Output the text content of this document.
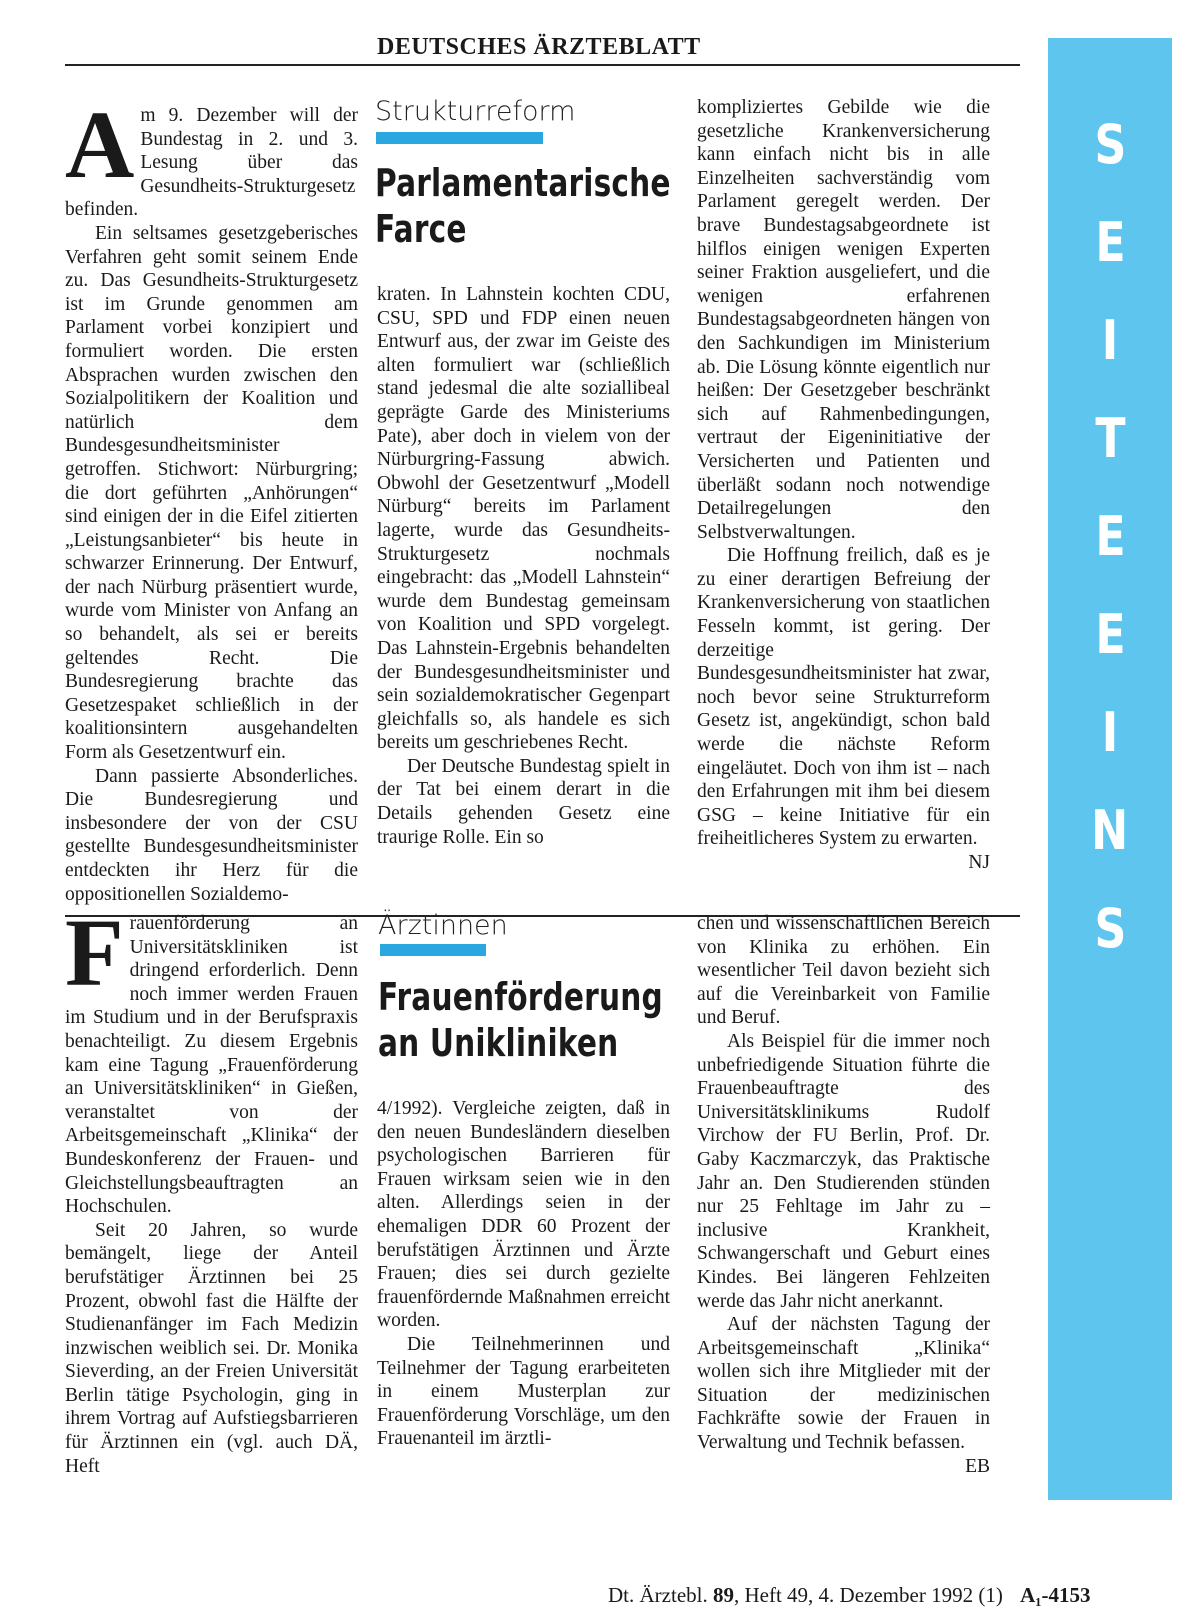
DEUTSCHES ÄRZTEBLATT
S
E
I
T
E
E
I
N
S

Am 9. Dezember will der Bundestag in 2. und 3. Lesung über das Gesundheits-Strukturgesetz befinden.

Ein seltsames gesetzgeberisches Verfahren geht somit seinem Ende zu. Das Gesundheits-Strukturgesetz ist im Grunde genommen am Parlament vorbei konzipiert und formuliert worden. Die ersten Absprachen wurden zwischen den Sozialpolitikern der Koalition und natürlich dem Bundesgesundheitsminister getroffen. Stichwort: Nürburgring; die dort geführten „Anhörungen“ sind einigen der in die Eifel zitierten „Leistungsanbieter“ bis heute in schwarzer Erinnerung. Der Entwurf, der nach Nürburg präsentiert wurde, wurde vom Minister von Anfang an so behandelt, als sei er bereits geltendes Recht. Die Bundesregierung brachte das Gesetzespaket schließlich in der koalitionsintern ausgehandelten Form als Gesetzentwurf ein.

Dann passierte Absonderliches. Die Bundesregierung und insbesondere der von der CSU gestellte Bundesgesundheitsminister entdeckten ihr Herz für die oppositionellen Sozialdemo-

Strukturreform
Parlamentarische Farce

kraten. In Lahnstein kochten CDU, CSU, SPD und FDP einen neuen Entwurf aus, der zwar im Geiste des alten formuliert war (schließlich stand jedesmal die alte soziallibeal geprägte Garde des Ministeriums Pate), aber doch in vielem von der Nürburgring-Fassung abwich. Obwohl der Gesetzentwurf „Modell Nürburg“ bereits im Parlament lagerte, wurde das Gesundheits-Strukturgesetz nochmals eingebracht: das „Modell Lahnstein“ wurde dem Bundestag gemeinsam von Koalition und SPD vorgelegt. Das Lahnstein-Ergebnis behandelten der Bundesgesundheitsminister und sein sozialdemokratischer Gegenpart gleichfalls so, als handele es sich bereits um geschriebenes Recht.

Der Deutsche Bundestag spielt in der Tat bei einem derart in die Details gehenden Gesetz eine traurige Rolle. Ein so

kompliziertes Gebilde wie die gesetzliche Krankenversicherung kann einfach nicht bis in alle Einzelheiten sachverständig vom Parlament geregelt werden. Der brave Bundestagsabgeordnete ist hilflos einigen wenigen Experten seiner Fraktion ausgeliefert, und die wenigen erfahrenen Bundestagsabgeordneten hängen von den Sachkundigen im Ministerium ab. Die Lösung könnte eigentlich nur heißen: Der Gesetzgeber beschränkt sich auf Rahmenbedingungen, vertraut der Eigeninitiative der Versicherten und Patienten und überläßt sodann noch notwendige Detailregelungen den Selbstverwaltungen.

Die Hoffnung freilich, daß es je zu einer derartigen Befreiung der Krankenversicherung von staatlichen Fesseln kommt, ist gering. Der derzeitige Bundesgesundheitsminister hat zwar, noch bevor seine Strukturreform Gesetz ist, angekündigt, schon bald werde die nächste Reform eingeläutet. Doch von ihm ist – nach den Erfahrungen mit ihm bei diesem GSG – keine Initiative für ein freiheitlicheres System zu erwarten.
NJ

Frauenförderung an Universitätskliniken ist dringend erforderlich. Denn noch immer werden Frauen im Studium und in der Berufspraxis benachteiligt. Zu diesem Ergebnis kam eine Tagung „Frauenförderung an Universitätskliniken“ in Gießen, veranstaltet von der Arbeitsgemeinschaft „Klinika“ der Bundeskonferenz der Frauen- und Gleichstellungsbeauftragten an Hochschulen.

Seit 20 Jahren, so wurde bemängelt, liege der Anteil berufstätiger Ärztinnen bei 25 Prozent, obwohl fast die Hälfte der Studienanfänger im Fach Medizin inzwischen weiblich sei. Dr. Monika Sieverding, an der Freien Universität Berlin tätige Psychologin, ging in ihrem Vortrag auf Aufstiegsbarrieren für Ärztinnen ein (vgl. auch DÄ, Heft

Ärztinnen
Frauenförderung an Unikliniken

4/1992). Vergleiche zeigten, daß in den neuen Bundesländern dieselben psychologischen Barrieren für Frauen wirksam seien wie in den alten. Allerdings seien in der ehemaligen DDR 60 Prozent der berufstätigen Ärztinnen und Ärzte Frauen; dies sei durch gezielte frauenfördernde Maßnahmen erreicht worden.

Die Teilnehmerinnen und Teilnehmer der Tagung erarbeiteten in einem Musterplan zur Frauenförderung Vorschläge, um den Frauenanteil im ärztli-

chen und wissenschaftlichen Bereich von Klinika zu erhöhen. Ein wesentlicher Teil davon bezieht sich auf die Vereinbarkeit von Familie und Beruf.

Als Beispiel für die immer noch unbefriedigende Situation führte die Frauenbeauftragte des Universitätsklinikums Rudolf Virchow der FU Berlin, Prof. Dr. Gaby Kaczmarczyk, das Praktische Jahr an. Den Studierenden stünden nur 25 Fehltage im Jahr zu – inclusive Krankheit, Schwangerschaft und Geburt eines Kindes. Bei längeren Fehlzeiten werde das Jahr nicht anerkannt.

Auf der nächsten Tagung der Arbeitsgemeinschaft „Klinika“ wollen sich ihre Mitglieder mit der Situation der medizinischen Fachkräfte sowie der Frauen in Verwaltung und Technik befassen.
EB

Dt. Ärztebl. 89, Heft 49, 4. Dezember 1992 (1) A₁-4153
